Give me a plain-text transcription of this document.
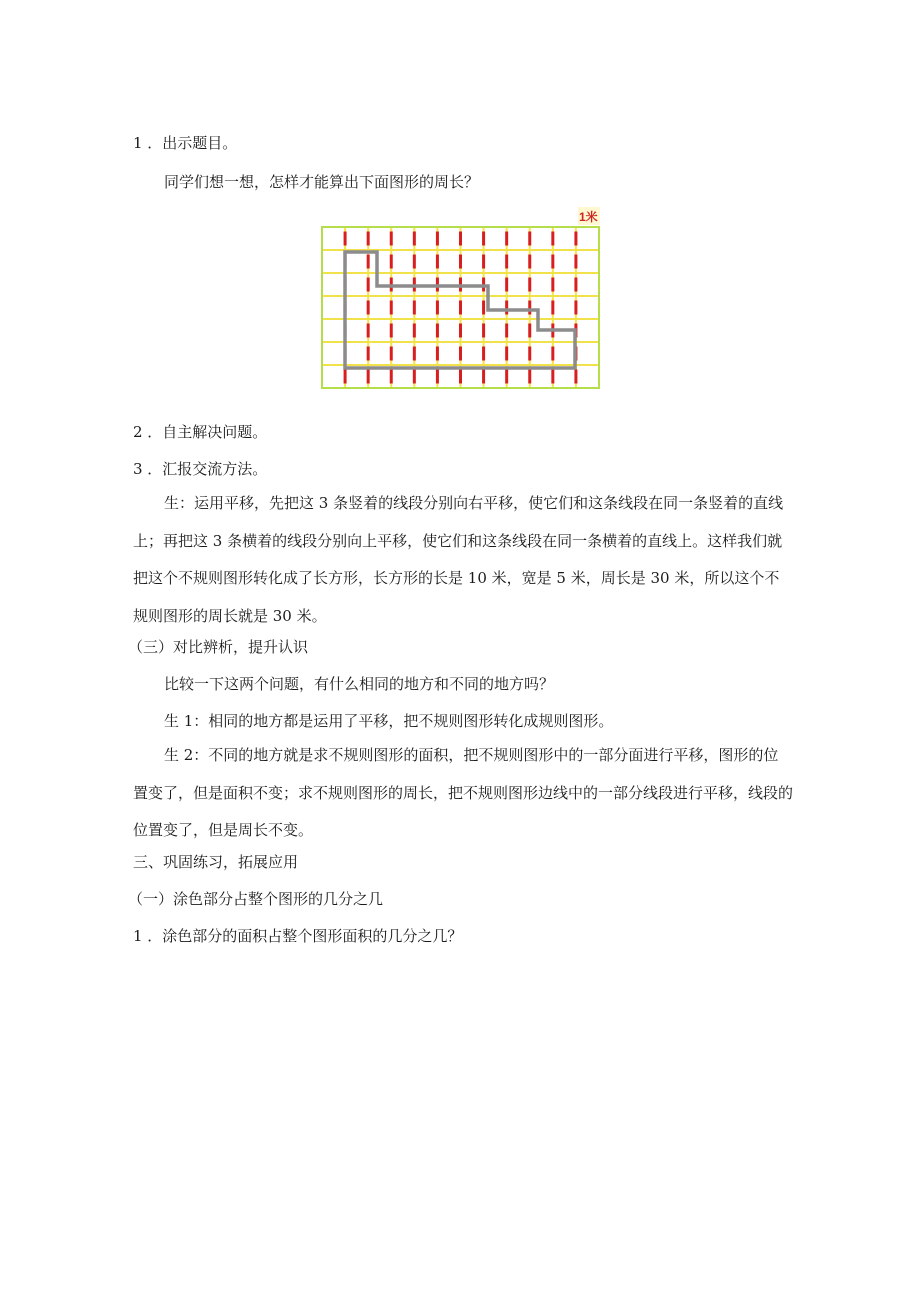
1 ．出示题目。
同学们想一想，怎样才能算出下面图形的周长？
1米
2 ．自主解决问题。
3 ．汇报交流方法。
生：运用平移，先把这 3 条竖着的线段分别向右平移，使它们和这条线段在同一条竖着的直线上；再把这 3 条横着的线段分别向上平移，使它们和这条线段在同一条横着的直线上。这样我们就把这个不规则图形转化成了长方形，长方形的长是 10 米，宽是 5 米，周长是 30 米，所以这个不规则图形的周长就是 30 米。
（三）对比辨析，提升认识
比较一下这两个问题，有什么相同的地方和不同的地方吗？
生 1：相同的地方都是运用了平移，把不规则图形转化成规则图形。
生 2：不同的地方就是求不规则图形的面积，把不规则图形中的一部分面进行平移，图形的位置变了，但是面积不变；求不规则图形的周长，把不规则图形边线中的一部分线段进行平移，线段的位置变了，但是周长不变。
三、巩固练习，拓展应用
（一）涂色部分占整个图形的几分之几
1 ．涂色部分的面积占整个图形面积的几分之几？
